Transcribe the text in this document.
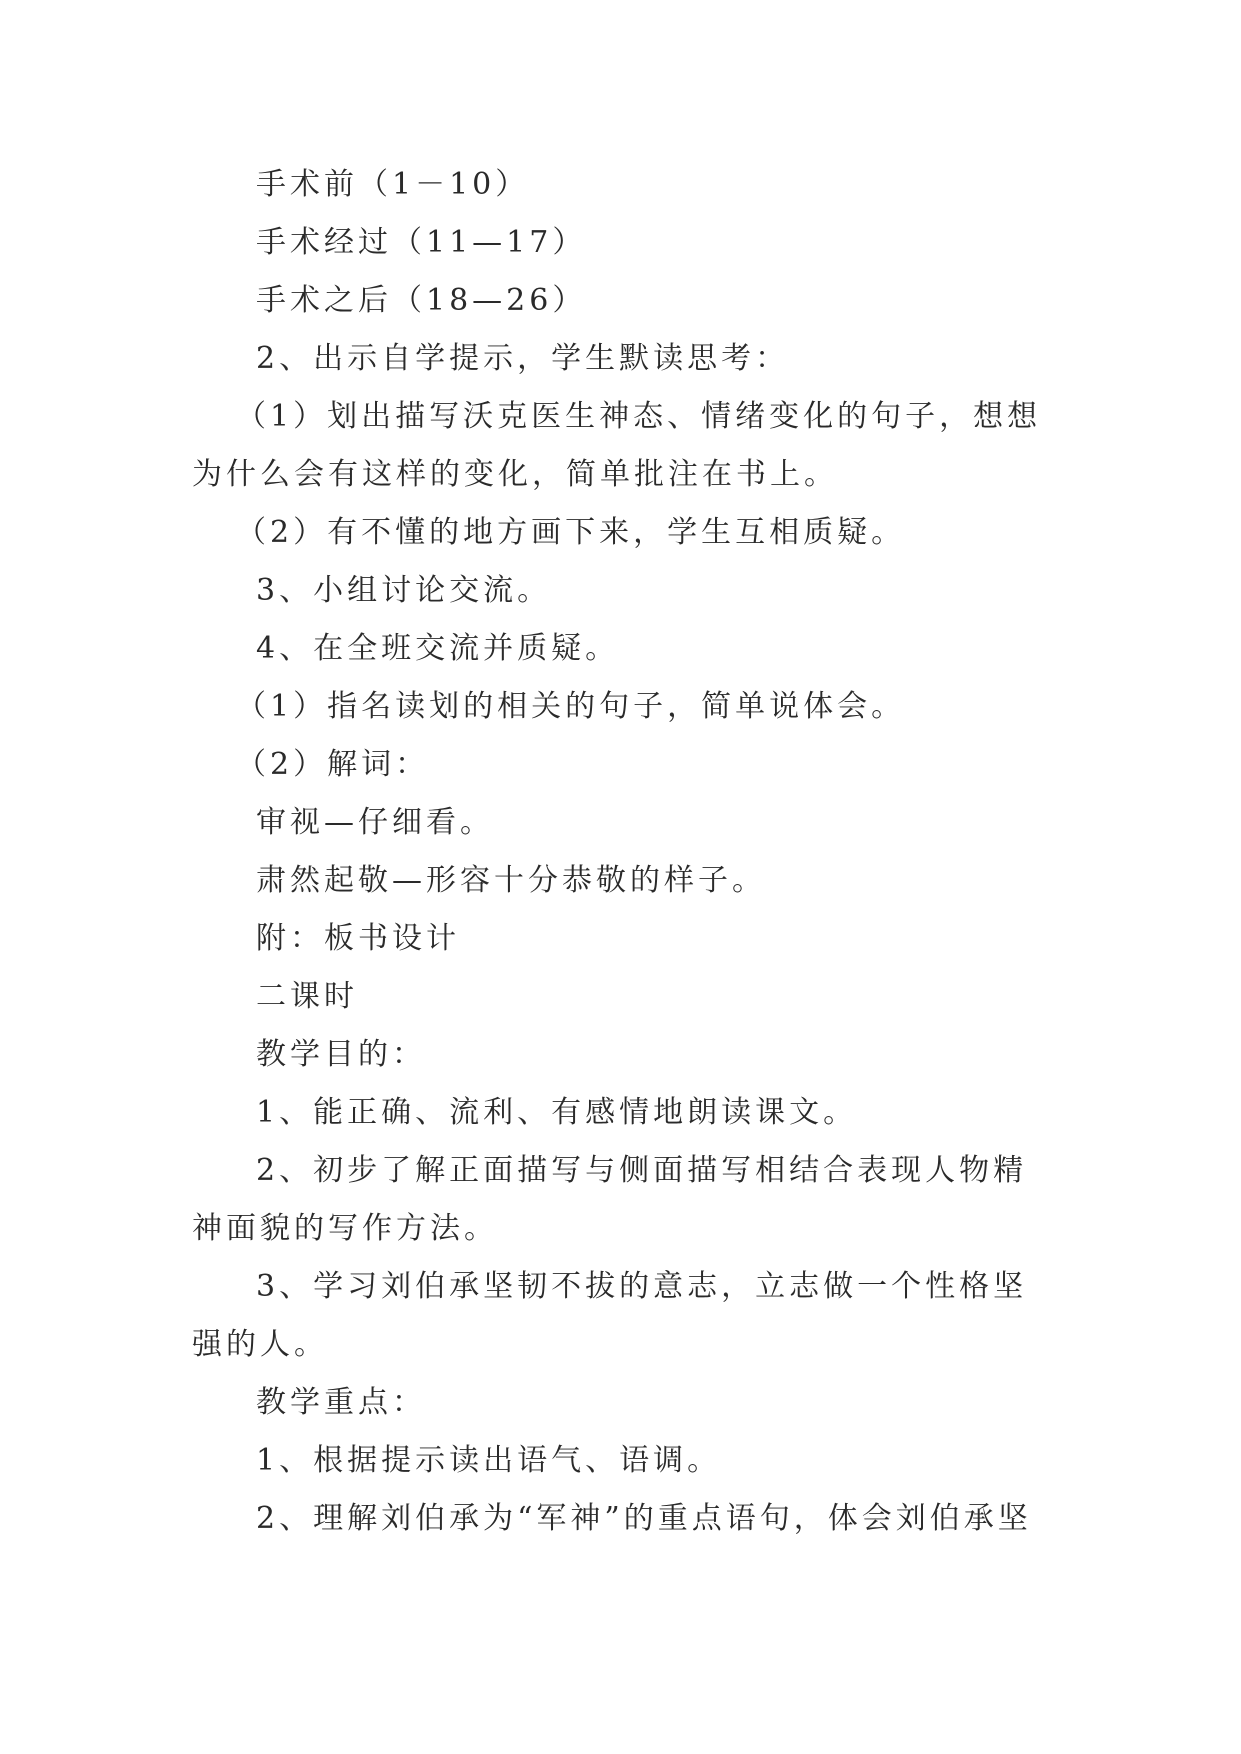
手术前（1－10）

手术经过（11—17）

手术之后（18—26）

2、出示自学提示，学生默读思考：

（1）划出描写沃克医生神态、情绪变化的句子，想想为什么会有这样的变化，简单批注在书上。

（2）有不懂的地方画下来，学生互相质疑。

3、小组讨论交流。

4、在全班交流并质疑。

（1）指名读划的相关的句子，简单说体会。

（2）解词：

审视—仔细看。

肃然起敬—形容十分恭敬的样子。

附：板书设计

二课时

教学目的：

1、能正确、流利、有感情地朗读课文。

2、初步了解正面描写与侧面描写相结合表现人物精神面貌的写作方法。

3、学习刘伯承坚韧不拔的意志，立志做一个性格坚强的人。

教学重点：

1、根据提示读出语气、语调。

2、理解刘伯承为“军神”的重点语句，体会刘伯承坚
